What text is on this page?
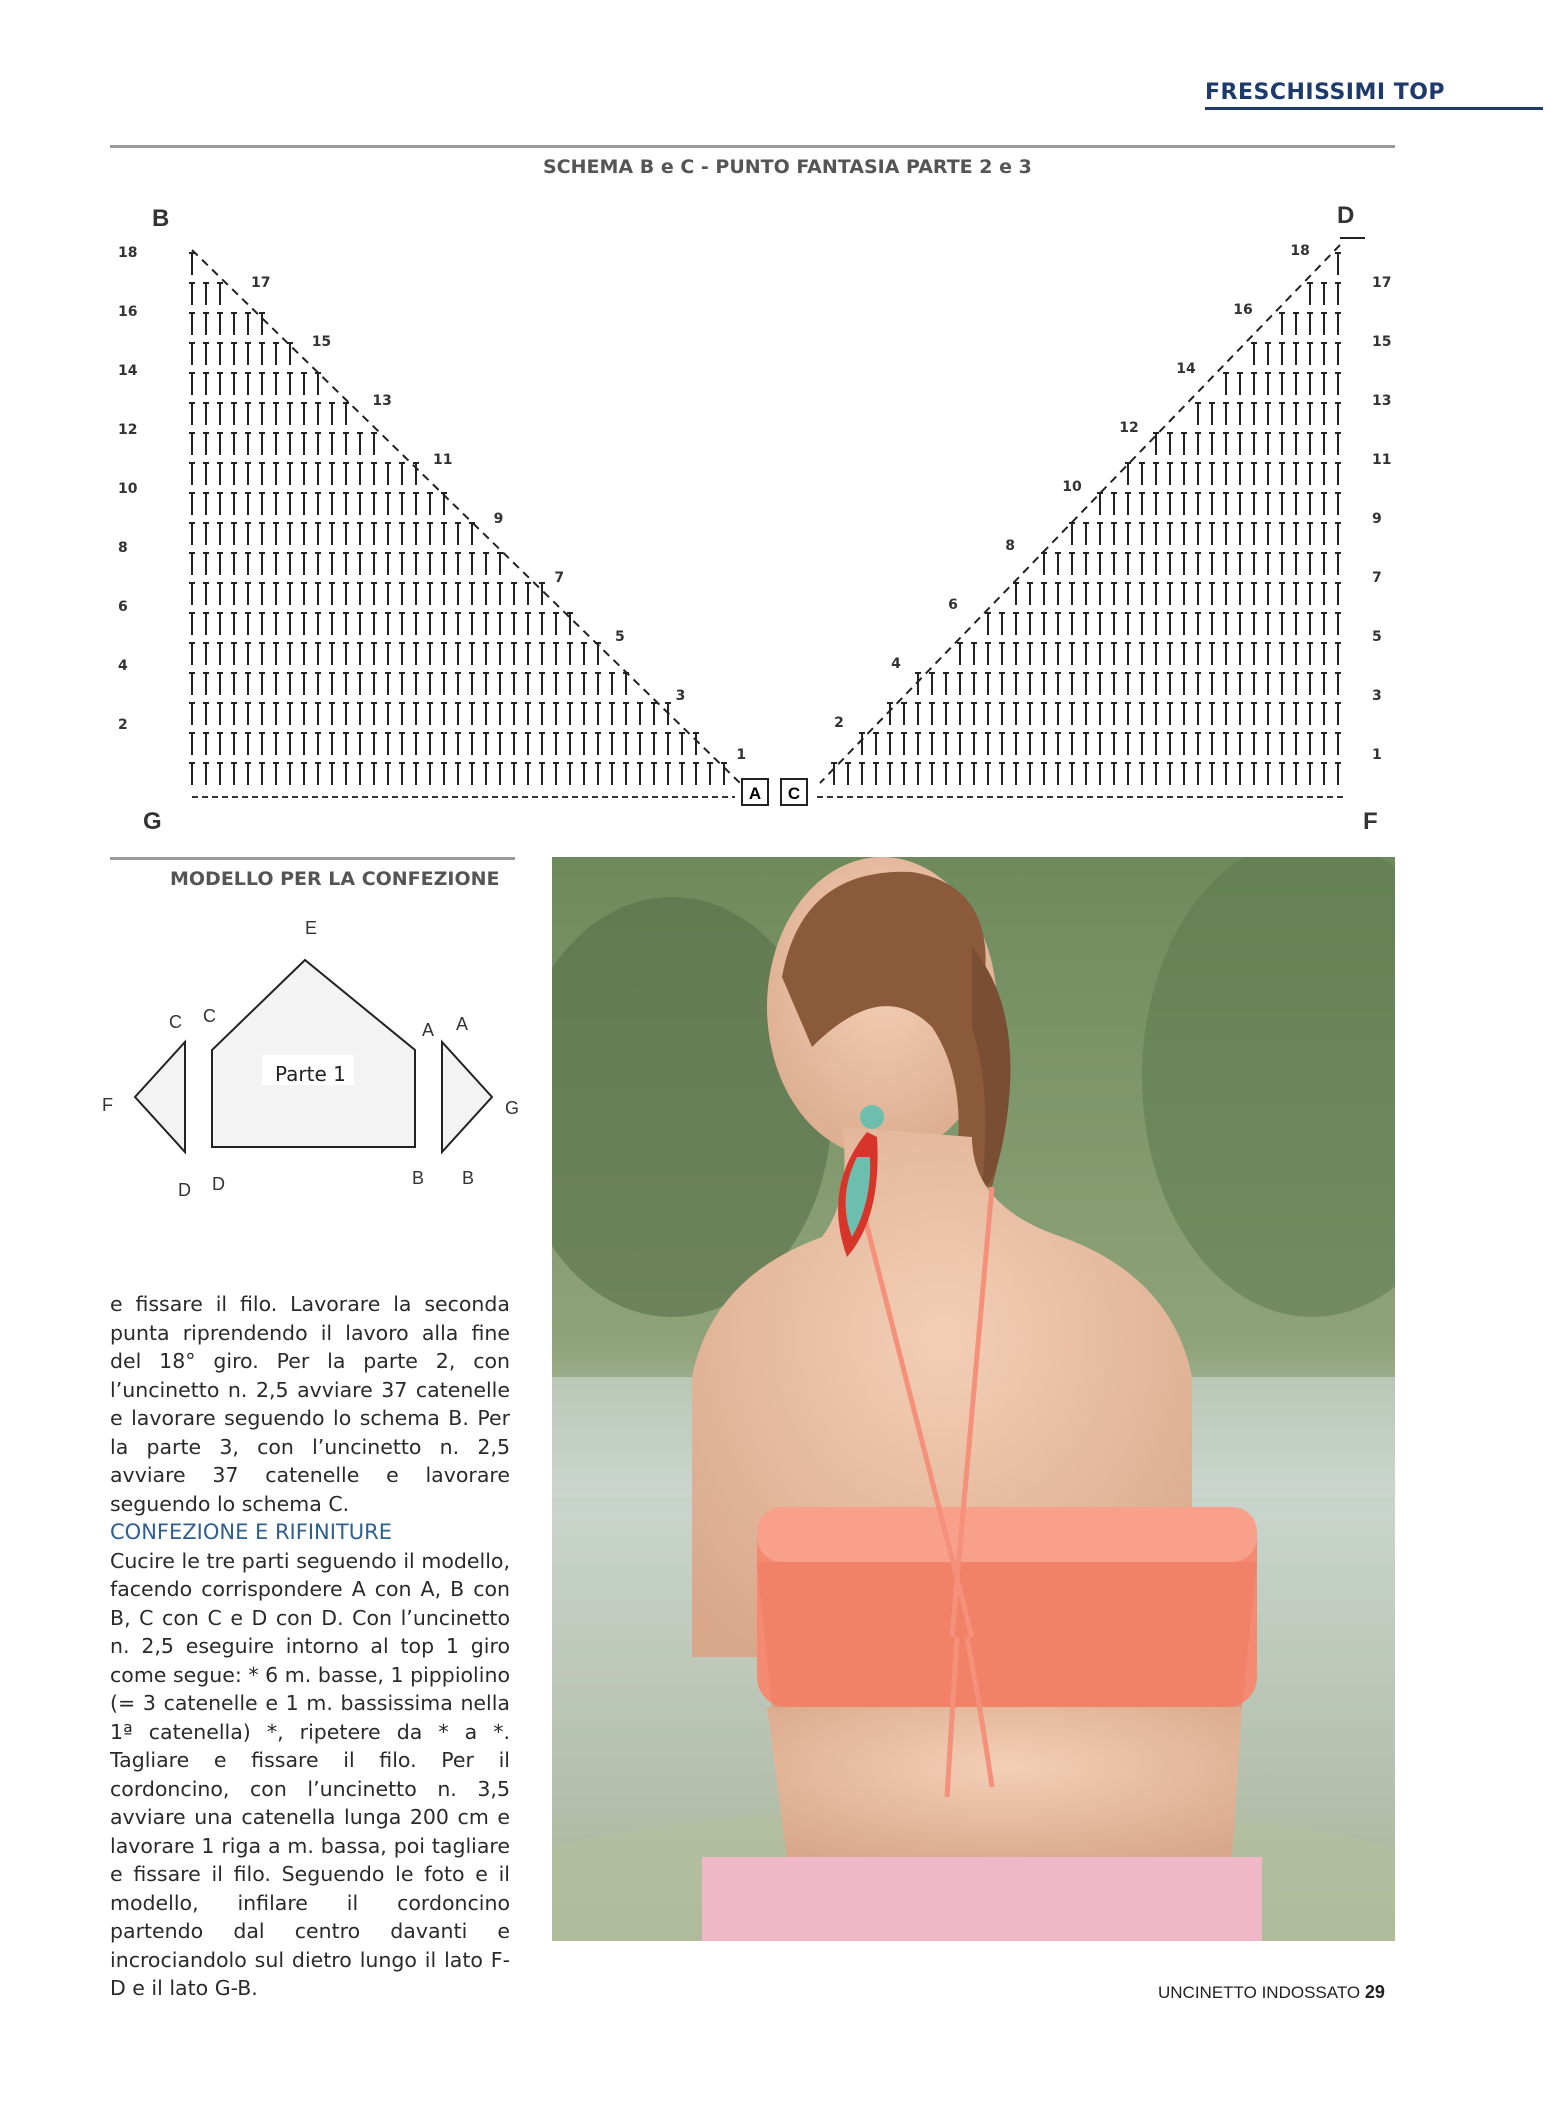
FRESCHISSIMI TOP
SCHEMA B e C - PUNTO FANTASIA PARTE 2 e 3
A C
18
16
14
12
10
8
6
4
2
17
15
13
11
9
7
5
3
1
17
15
13
11
9
7
5
3
1
18
16
14
12
10
8
6
4
2
B
G
D
F
MODELLO PER LA CONFEZIONE
E
C C
A A
F	G
D D	B B
Parte 1

e fissare il filo. Lavorare la seconda punta riprendendo il lavoro alla fine del 18° giro. Per la parte 2, con l’uncinetto n. 2,5 avviare 37 catenelle e lavorare seguendo lo schema B. Per la parte 3, con l’uncinetto n. 2,5 avviare 37 catenelle e lavorare seguendo lo schema C.

CONFEZIONE E RIFINITURE

Cucire le tre parti seguendo il modello, facendo corrispondere A con A, B con B, C con C e D con D. Con l’uncinetto n. 2,5 eseguire intorno al top 1 giro come segue: * 6 m. basse, 1 pippiolino (= 3 catenelle e 1 m. bassissima nella 1ª catenella) *, ripetere da * a *. Tagliare e fissare il filo. Per il cordoncino, con l’uncinetto n. 3,5 avviare una catenella lunga 200 cm e lavorare 1 riga a m. bassa, poi tagliare e fissare il filo. Seguendo le foto e il modello, infilare il cordoncino partendo dal centro davanti e incrociandolo sul dietro lungo il lato F-D e il lato G-B.	UNCINETTO INDOSSATO 29
